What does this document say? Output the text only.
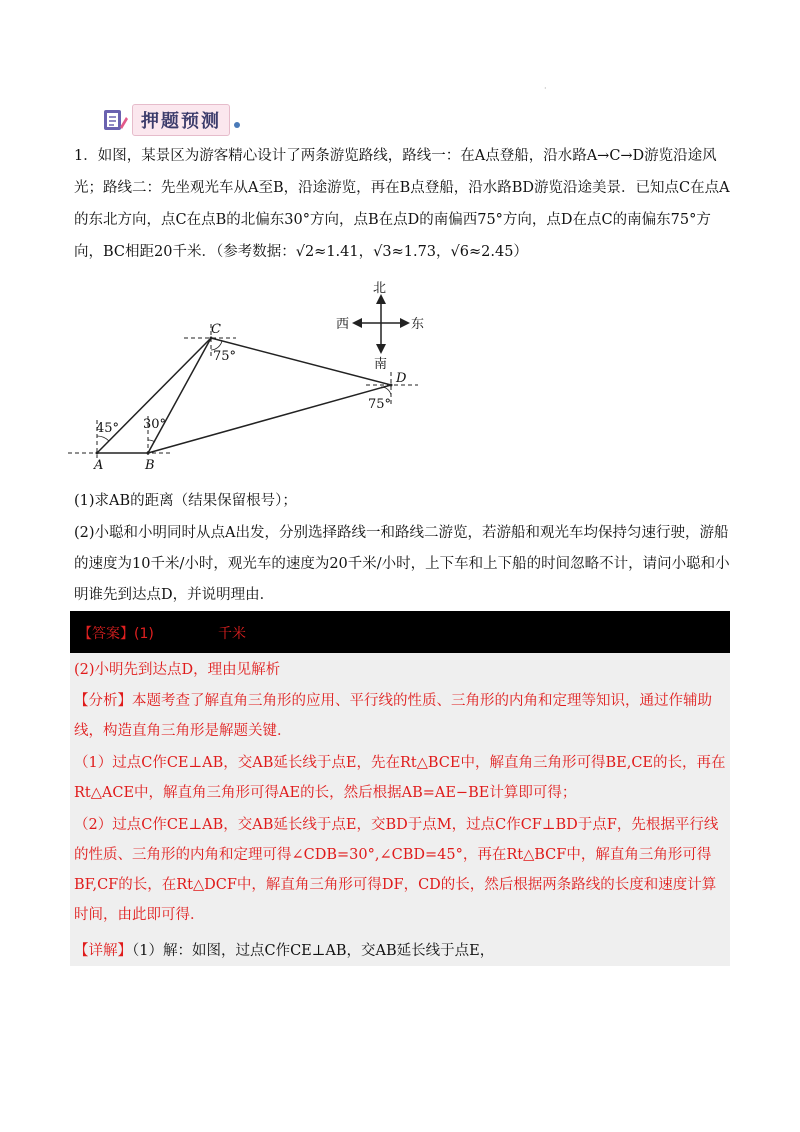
·
押题预测
1．如图，某景区为游客精心设计了两条游览路线，路线一：在A点登船，沿水路A→C→D游览沿途风光；路线二：先坐观光车从A至B，沿途游览，再在B点登船，沿水路BD游览沿途美景．已知点C在点A的东北方向，点C在点B的北偏东30°方向，点B在点D的南偏西75°方向，点D在点C的南偏东75°方向，BC相距20千米．（参考数据：√2≈1.41，√3≈1.73，√6≈2.45）
C
D
A	B
45° 30°
75°
75°
北
南
西	东
(1)求AB的距离（结果保留根号）；
(2)小聪和小明同时从点A出发，分别选择路线一和路线二游览，若游船和观光车均保持匀速行驶，游船的速度为10千米/小时，观光车的速度为20千米/小时，上下车和上下船的时间忽略不计，请问小聪和小明谁先到达点D，并说明理由．
【答案】(1)	千米
(2)小明先到达点D，理由见解析
【分析】本题考查了解直角三角形的应用、平行线的性质、三角形的内角和定理等知识，通过作辅助线，构造直角三角形是解题关键．
（1）过点C作CE⊥AB，交AB延长线于点E，先在Rt△BCE中，解直角三角形可得BE,CE的长，再在Rt△ACE中，解直角三角形可得AE的长，然后根据AB=AE−BE计算即可得；
（2）过点C作CE⊥AB，交AB延长线于点E，交BD于点M，过点C作CF⊥BD于点F，先根据平行线的性质、三角形的内角和定理可得∠CDB=30°,∠CBD=45°，再在Rt△BCF中，解直角三角形可得BF,CF的长，在Rt△DCF中，解直角三角形可得DF，CD的长，然后根据两条路线的长度和速度计算时间，由此即可得．
【详解】（1）解：如图，过点C作CE⊥AB，交AB延长线于点E，
